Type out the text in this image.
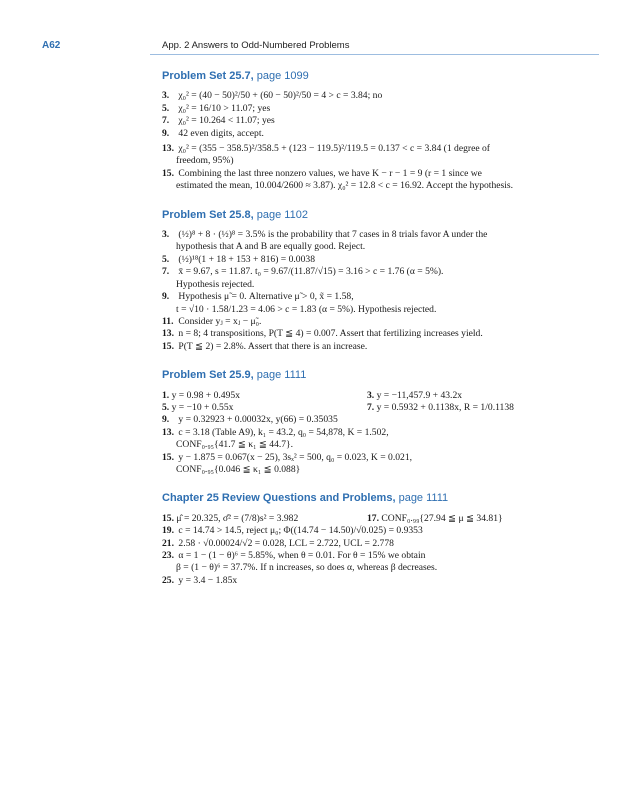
A62	App. 2 Answers to Odd-Numbered Problems
Problem Set 25.7, page 1099
3. χ₀² = (40 − 50)²/50 + (60 − 50)²/50 = 4 > c = 3.84; no
5. χ₀² = 16/10 > 11.07; yes
7. χ₀² = 10.264 < 11.07; yes
9. 42 even digits, accept.
13. χ₀² = (355 − 358.5)²/358.5 + (123 − 119.5)²/119.5 = 0.137 < c = 3.84 (1 degree of
freedom, 95%)
15. Combining the last three nonzero values, we have K − r − 1 = 9 (r = 1 since we
estimated the mean, 10.004/2600 ≈ 3.87). χ₀² = 12.8 < c = 16.92. Accept the hypothesis.
Problem Set 25.8, page 1102
3. (½)⁸ + 8 · (½)⁸ = 3.5% is the probability that 7 cases in 8 trials favor A under the
hypothesis that A and B are equally good. Reject.
5. (½)¹⁸(1 + 18 + 153 + 816) = 0.0038
7. x̄ = 9.67, s = 11.87. t₀ = 9.67/(11.87/√15) = 3.16 > c = 1.76 (α = 5%).
Hypothesis rejected.
9. Hypothesis μ̃ = 0. Alternative μ̃ > 0, x̃ = 1.58,
t = √10 · 1.58/1.23 = 4.06 > c = 1.83 (α = 5%). Hypothesis rejected.
11. Consider yⱼ = xⱼ − μ̃₀.
13. n = 8; 4 transpositions, P(T ≦ 4) = 0.007. Assert that fertilizing increases yield.
15. P(T ≦ 2) = 2.8%. Assert that there is an increase.
Problem Set 25.9, page 1111
1. y = 0.98 + 0.495x	3. y = −11,457.9 + 43.2x
5. y = −10 + 0.55x	7. y = 0.5932 + 0.1138x, R = 1/0.1138
9. y = 0.32923 + 0.00032x, y(66) = 0.35035
13. c = 3.18 (Table A9), k₁ = 43.2, q₀ = 54,878, K = 1.502,
CONF₀.₉₅{41.7 ≦ κ₁ ≦ 44.7}.
15. y − 1.875 = 0.067(x − 25), 3sₓ² = 500, q₀ = 0.023, K = 0.021,
CONF₀.₉₅{0.046 ≦ κ₁ ≦ 0.088}
Chapter 25 Review Questions and Problems, page 1111
15. μ̂ = 20.325, σ̂² = (7/8)s² = 3.982	17. CONF₀.₉₉{27.94 ≦ μ ≦ 34.81}
19. c = 14.74 > 14.5, reject μ₀; Φ((14.74 − 14.50)/√0.025) = 0.9353
21. 2.58 · √0.00024/√2 = 0.028, LCL = 2.722, UCL = 2.778
23. α = 1 − (1 − θ)⁶ = 5.85%, when θ = 0.01. For θ = 15% we obtain
β = (1 − θ)⁶ = 37.7%. If n increases, so does α, whereas β decreases.
25. y = 3.4 − 1.85x
